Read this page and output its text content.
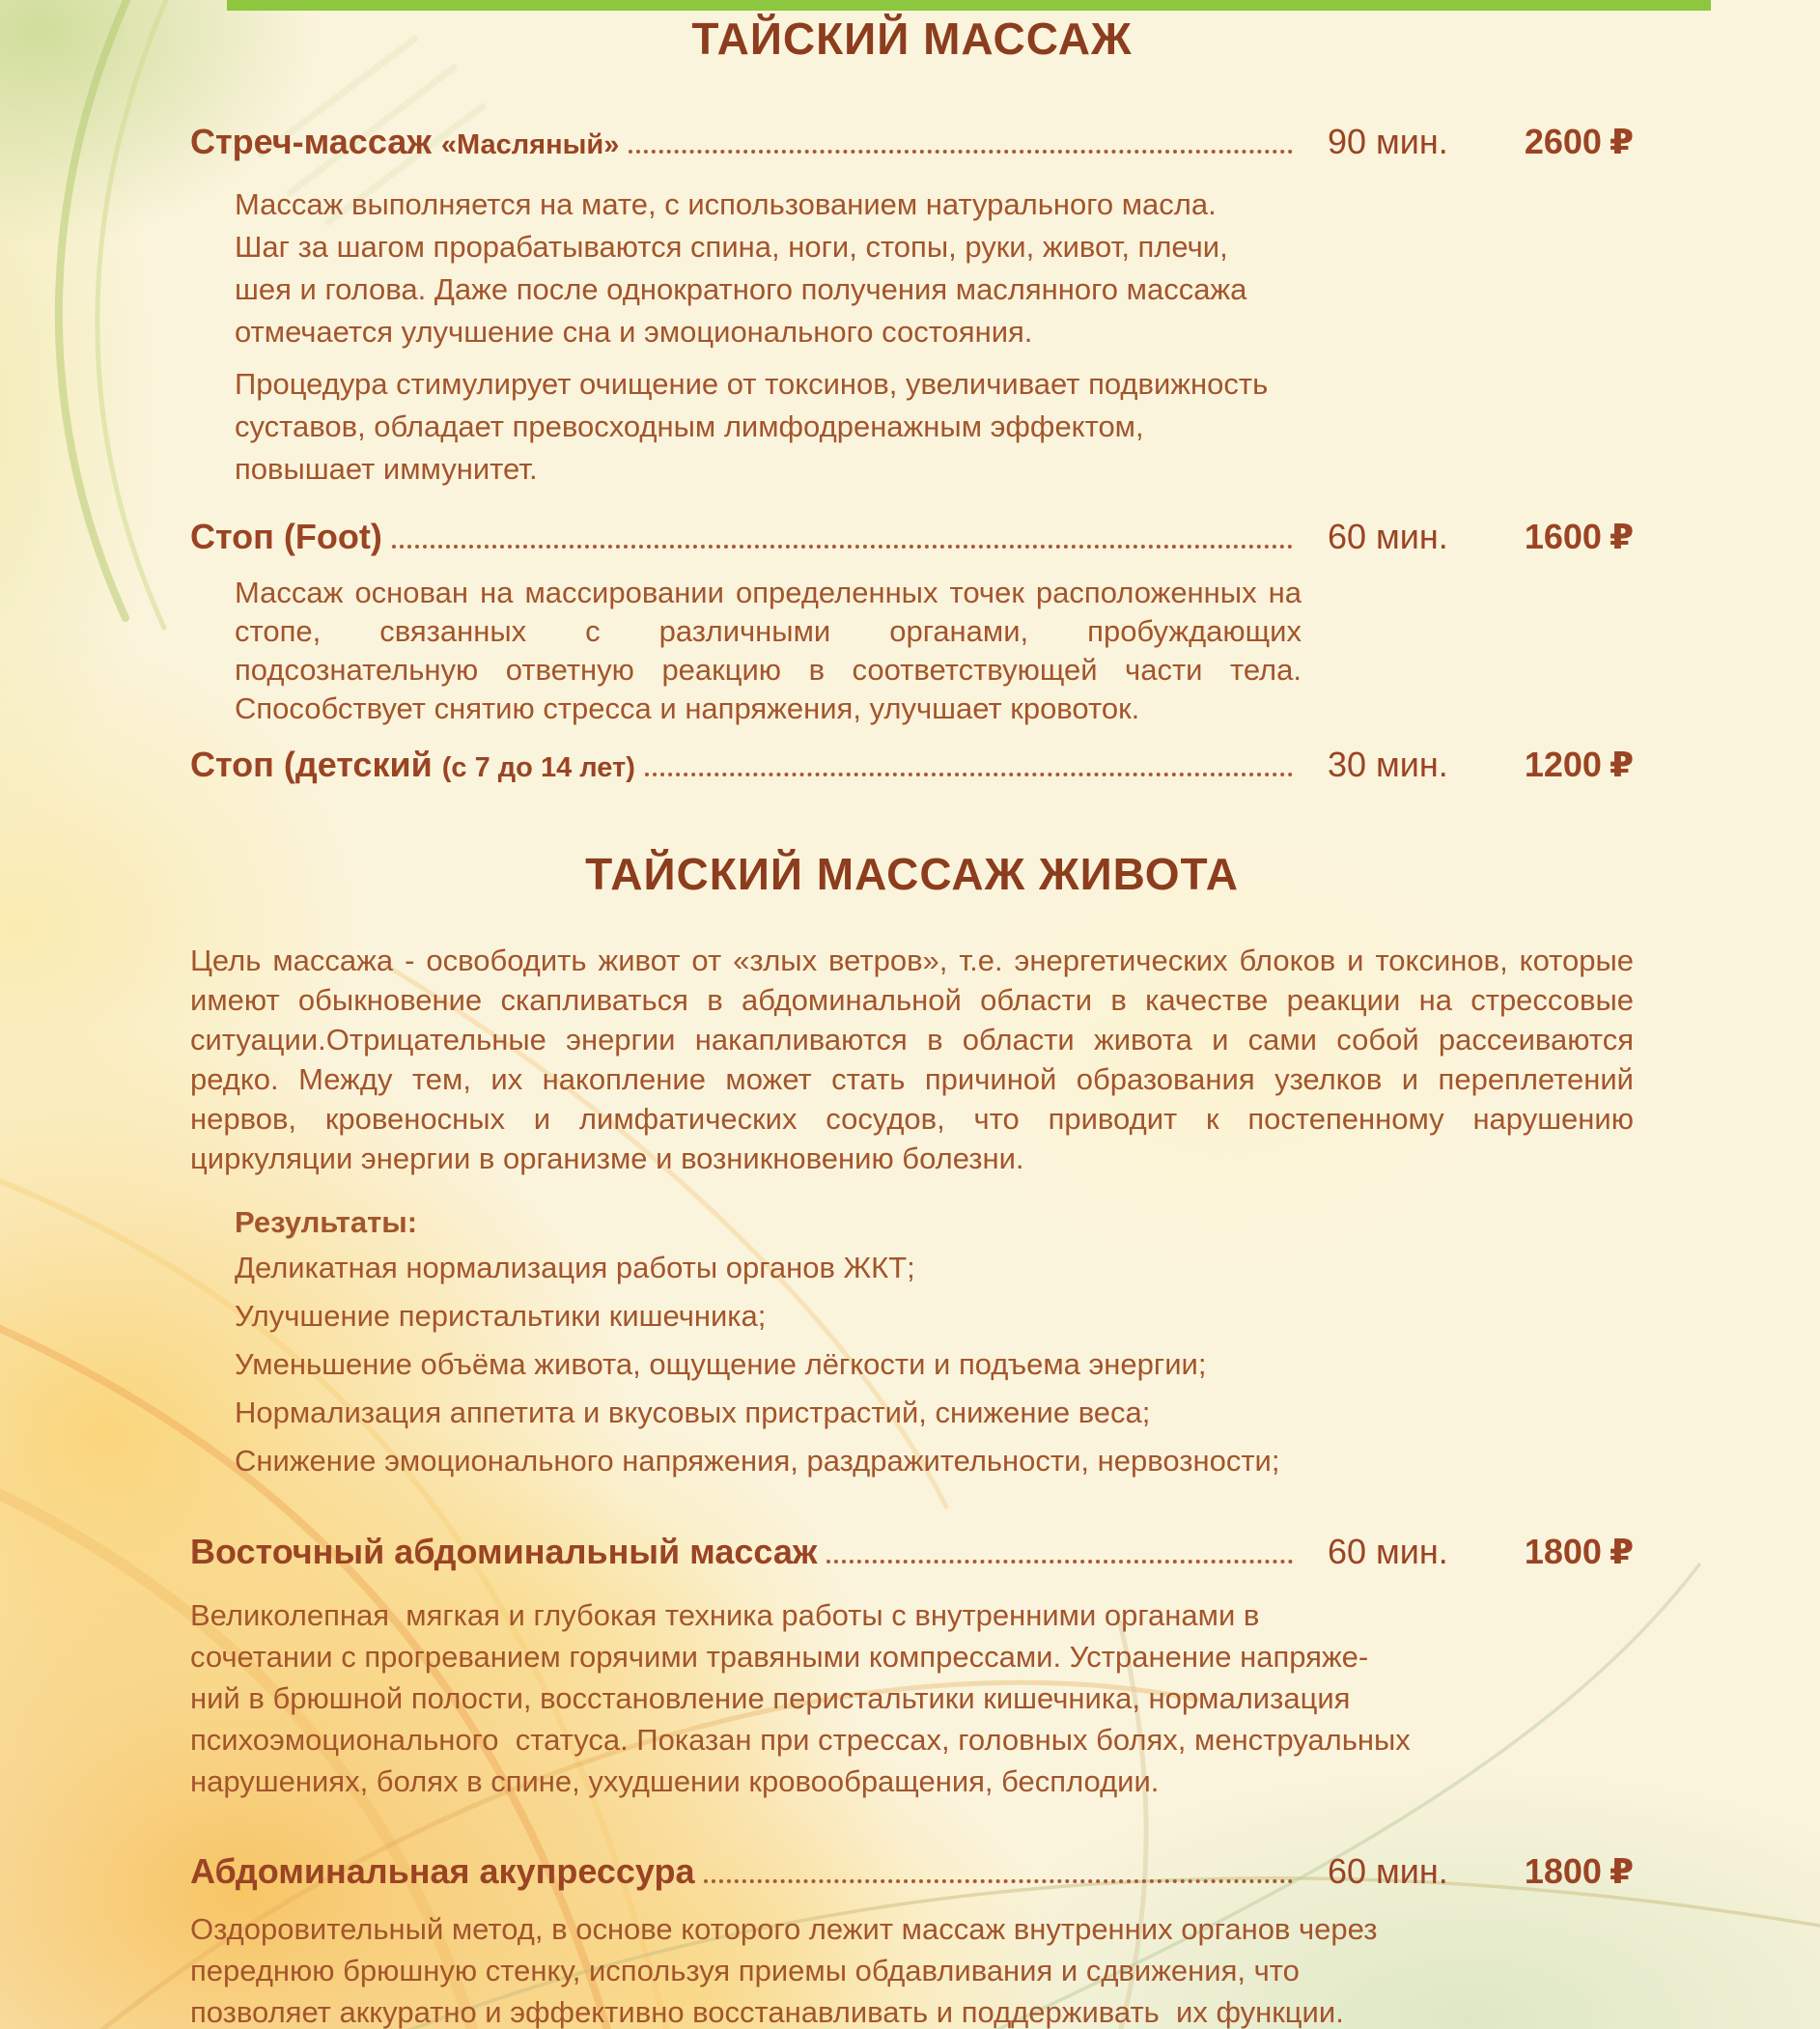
ТАЙСКИЙ МАССАЖ
Стреч-массаж «Масляный»	90 мин.	2600 ₽
Массаж выполняется на мате, с использованием натурального масла.
Шаг за шагом прорабатываются спина, ноги, стопы, руки, живот, плечи,
шея и голова. Даже после однократного получения маслянного массажа
отмечается улучшение сна и эмоционального состояния.
Процедура стимулирует очищение от токсинов, увеличивает подвижность
суставов, обладает превосходным лимфодренажным эффектом,
повышает иммунитет.
Стоп (Foot)	60 мин.	1600 ₽
Массаж основан на массировании определенных точек расположенных на
стопе, связанных с различными органами, пробуждающих
подсознательную ответную реакцию в соответствующей части тела.
Способствует снятию стресса и напряжения, улучшает кровоток.
Стоп (детский (с 7 до 14 лет)	30 мин.	1200 ₽
ТАЙСКИЙ МАССАЖ ЖИВОТА
Цель массажа - освободить живот от «злых ветров», т.е. энергетических блоков и токсинов, которые
имеют обыкновение скапливаться в абдоминальной области в качестве реакции на стрессовые
ситуации.Отрицательные энергии накапливаются в области живота и сами собой рассеиваются
редко. Между тем, их накопление может стать причиной образования узелков и переплетений
нервов, кровеносных и лимфатических сосудов, что приводит к постепенному нарушению
циркуляции энергии в организме и возникновению болезни.
Результаты:
Деликатная нормализация работы органов ЖКТ;
Улучшение перистальтики кишечника;
Уменьшение объёма живота, ощущение лёгкости и подъема энергии;
Нормализация аппетита и вкусовых пристрастий, снижение веса;
Снижение эмоционального напряжения, раздражительности, нервозности;
Восточный абдоминальный массаж	60 мин.	1800 ₽
Великолепная  мягкая и глубокая техника работы с внутренними органами в
сочетании с прогреванием горячими травяными компрессами. Устранение напряже-
ний в брюшной полости, восстановление перистальтики кишечника, нормализация
психоэмоционального  статуса. Показан при стрессах, головных болях, менструальных
нарушениях, болях в спине, ухудшении кровообращения, бесплодии.
Абдоминальная акупрессура	60 мин.	1800 ₽
Оздоровительный метод, в основе которого лежит массаж внутренних органов через
переднюю брюшную стенку, используя приемы обдавливания и сдвижения, что
позволяет аккуратно и эффективно восстанавливать и поддерживать  их функции.
